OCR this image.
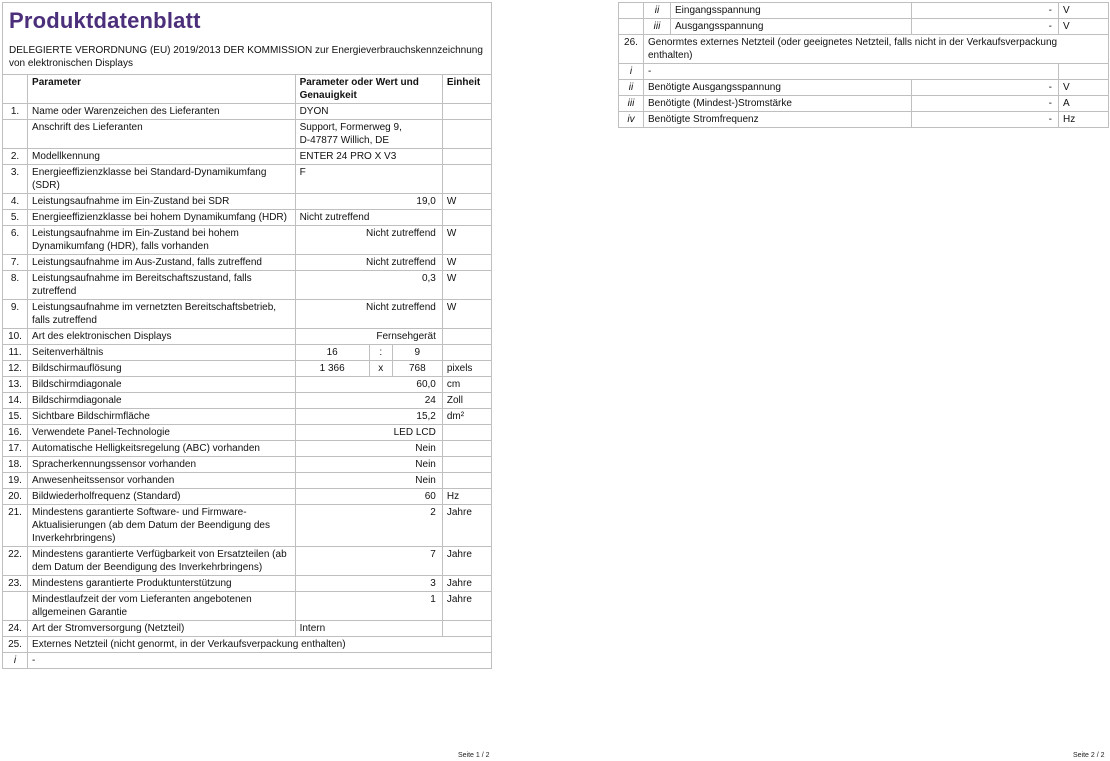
Produktdatenblatt
DELEGIERTE VERORDNUNG (EU) 2019/2013 DER KOMMISSION zur Energieverbrauchskennzeichnung von elektronischen Displays
	Parameter	Parameter oder Wert und Genauigkeit			Einheit
1.	Name oder Warenzeichen des Lieferanten	DYON			
	Anschrift des Lieferanten	Support, Formerweg 9,
D-47877 Willich, DE			

2.	Modellkennung	ENTER 24 PRO X V3			
3.	Energieeffizienzklasse bei Standard-Dynamikumfang (SDR)	F			
4.	Leistungsaufnahme im Ein-Zustand bei SDR	19,0			W
5.	Energieeffizienzklasse bei hohem Dynamikumfang (HDR)	Nicht zutreffend			
6.	Leistungsaufnahme im Ein-Zustand bei hohem Dynamikumfang (HDR), falls vorhanden	Nicht zutreffend			W
7.	Leistungsaufnahme im Aus-Zustand, falls zutreffend	Nicht zutreffend			W
8.	Leistungsaufnahme im Bereitschaftszustand, falls zutreffend	0,3			W
9.	Leistungsaufnahme im vernetzten Bereitschaftsbetrieb, falls zutreffend	Nicht zutreffend			W
10.	Art des elektronischen Displays	Fernsehgerät			
11.	Seitenverhältnis	16	:	9	
12.	Bildschirmauflösung	1 366	x	768	pixels
13.	Bildschirmdiagonale	60,0			cm
14.	Bildschirmdiagonale	24			Zoll
15.	Sichtbare Bildschirmfläche	15,2			dm²
16.	Verwendete Panel-Technologie	LED LCD			
17.	Automatische Helligkeitsregelung (ABC) vorhanden	Nein			
18.	Spracherkennungssensor vorhanden	Nein			
19.	Anwesenheitssensor vorhanden	Nein			
20.	Bildwiederholfrequenz (Standard)	60			Hz
21.	Mindestens garantierte Software- und Firmware-Aktualisierungen (ab dem Datum der Beendigung des Inverkehrbringens)	2			Jahre
22.	Mindestens garantierte Verfügbarkeit von Ersatzteilen (ab dem Datum der Beendigung des Inverkehrbringens)	7			Jahre
23.	Mindestens garantierte Produktunterstützung	3			Jahre
	Mindestlaufzeit der vom Lieferanten angebotenen allgemeinen Garantie	1			Jahre
24.	Art der Stromversorgung (Netzteil)	Intern			
25.	Externes Netzteil (nicht genormt, in der Verkaufsverpackung enthalten)				
i	-				
	ii	Eingangsspannung	-	V
	iii	Ausgangsspannung	-	V
26.	Genormtes externes Netzteil (oder geeignetes Netzteil, falls nicht in der Verkaufsverpackung enthalten)			
i	-			
ii	Benötigte Ausgangsspannung		-	V
iii	Benötigte (Mindest-)Stromstärke		-	A
iv	Benötigte Stromfrequenz		-	Hz
Seite 1 / 2	Seite 2 / 2
